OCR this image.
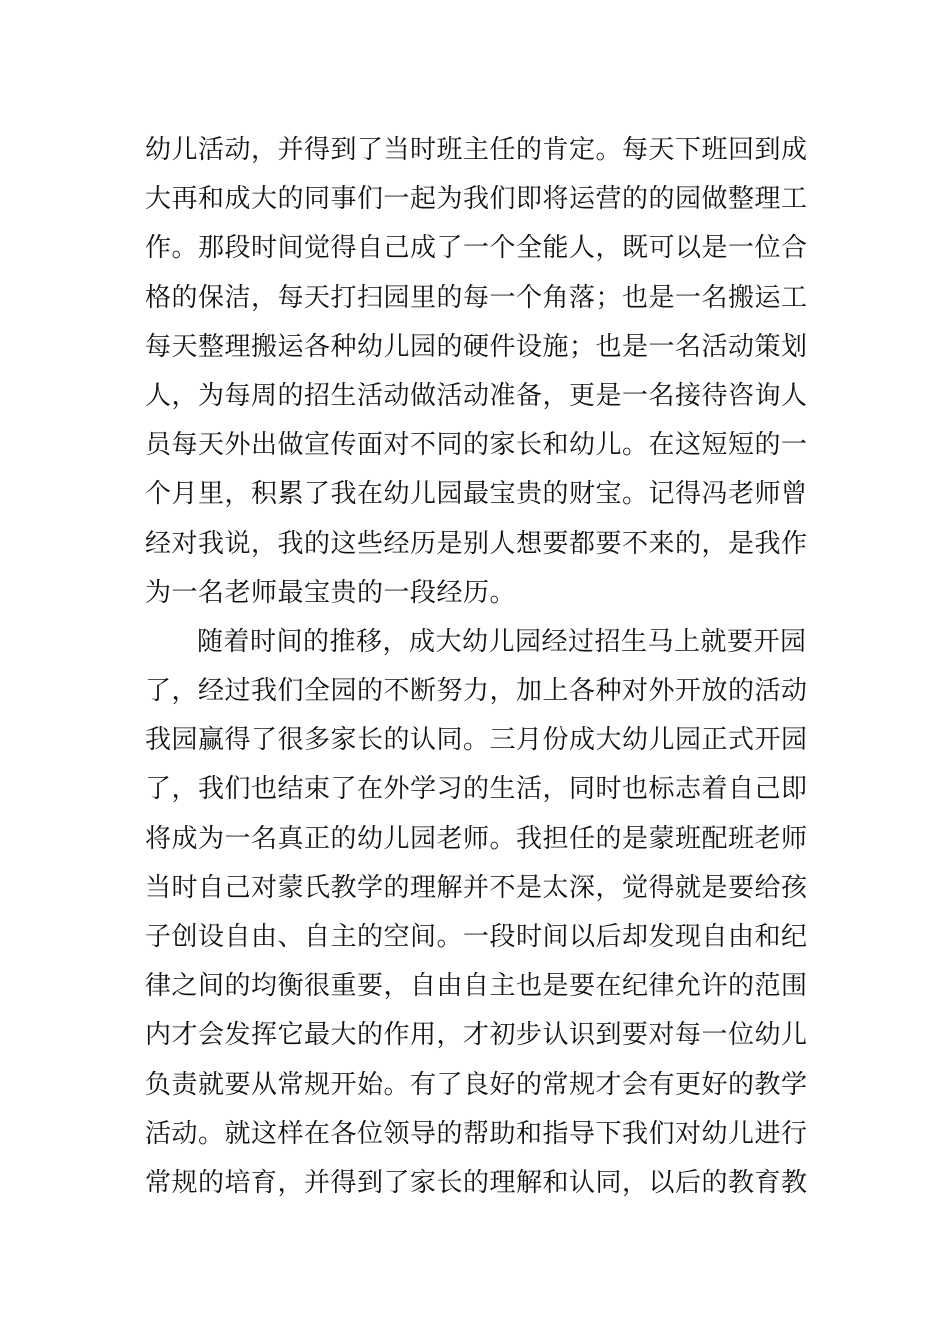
幼儿活动，并得到了当时班主任的肯定。每天下班回到成
大再和成大的同事们一起为我们即将运营的的园做整理工
作。那段时间觉得自己成了一个全能人，既可以是一位合
格的保洁，每天打扫园里的每一个角落；也是一名搬运工
每天整理搬运各种幼儿园的硬件设施；也是一名活动策划
人，为每周的招生活动做活动准备，更是一名接待咨询人
员每天外出做宣传面对不同的家长和幼儿。在这短短的一
个月里，积累了我在幼儿园最宝贵的财宝。记得冯老师曾
经对我说，我的这些经历是别人想要都要不来的，是我作
为一名老师最宝贵的一段经历。
随着时间的推移，成大幼儿园经过招生马上就要开园
了，经过我们全园的不断努力，加上各种对外开放的活动
我园赢得了很多家长的认同。三月份成大幼儿园正式开园
了，我们也结束了在外学习的生活，同时也标志着自己即
将成为一名真正的幼儿园老师。我担任的是蒙班配班老师
当时自己对蒙氏教学的理解并不是太深，觉得就是要给孩
子创设自由、自主的空间。一段时间以后却发现自由和纪
律之间的均衡很重要，自由自主也是要在纪律允许的范围
内才会发挥它最大的作用，才初步认识到要对每一位幼儿
负责就要从常规开始。有了良好的常规才会有更好的教学
活动。就这样在各位领导的帮助和指导下我们对幼儿进行
常规的培育，并得到了家长的理解和认同，以后的教育教
